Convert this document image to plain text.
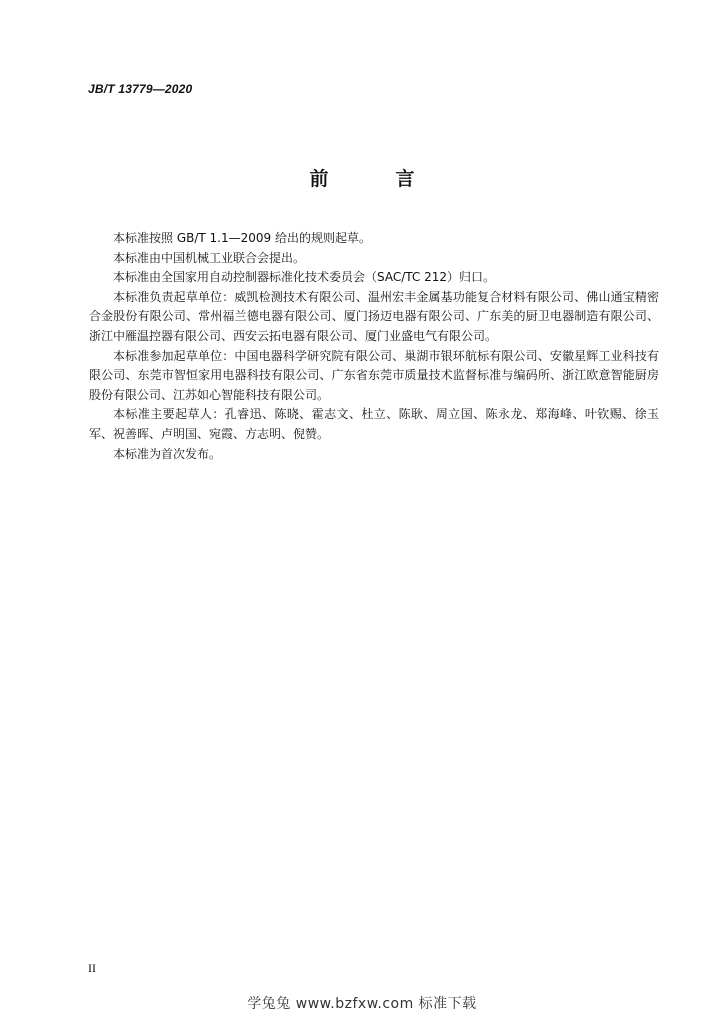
JB/T 13779—2020
前　言

本标准按照 GB/T 1.1—2009 给出的规则起草。

本标准由中国机械工业联合会提出。

本标准由全国家用自动控制器标准化技术委员会（SAC/TC 212）归口。

本标准负责起草单位：威凯检测技术有限公司、温州宏丰金属基功能复合材料有限公司、佛山通宝精密合金股份有限公司、常州福兰德电器有限公司、厦门扬迈电器有限公司、广东美的厨卫电器制造有限公司、浙江中雁温控器有限公司、西安云拓电器有限公司、厦门业盛电气有限公司。

本标准参加起草单位：中国电器科学研究院有限公司、巢湖市银环航标有限公司、安徽星辉工业科技有限公司、东莞市智恒家用电器科技有限公司、广东省东莞市质量技术监督标准与编码所、浙江欧意智能厨房股份有限公司、江苏如心智能科技有限公司。

本标准主要起草人：孔睿迅、陈晓、霍志文、杜立、陈耿、周立国、陈永龙、郑海峰、叶钦赐、徐玉军、祝善晖、卢明国、宛霞、方志明、倪赞。

本标准为首次发布。

II
学兔兔 www.bzfxw.com 标准下载
